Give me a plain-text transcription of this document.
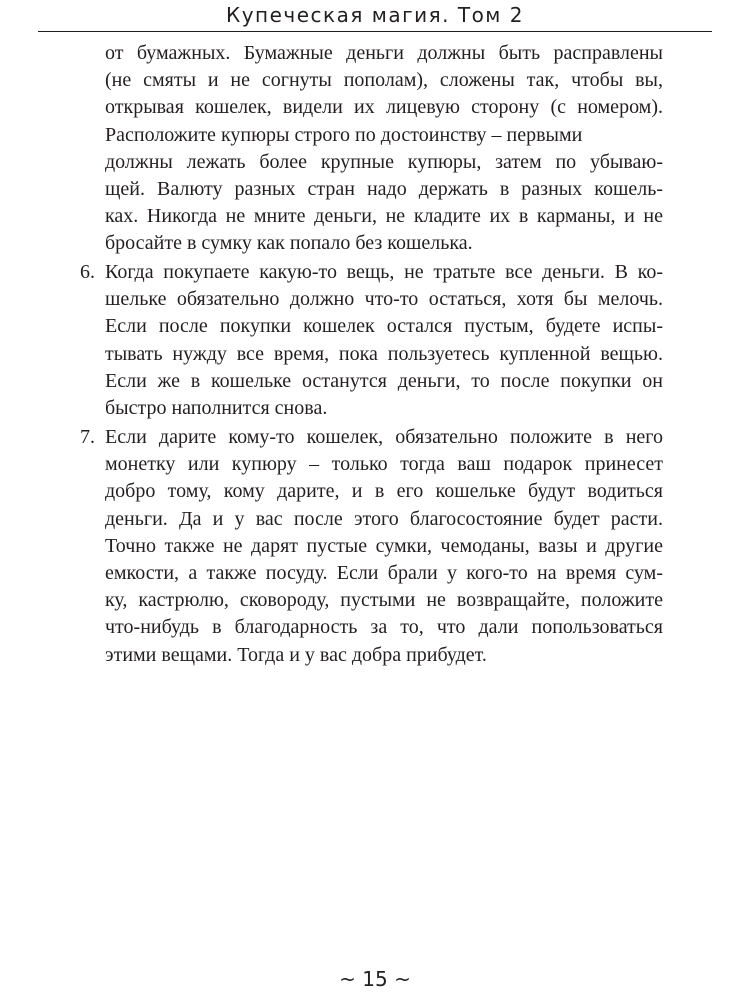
Купеческая магия. Том 2
от бумажных. Бумажные деньги должны быть расправлены
(не смяты и не согнуты пополам), сложены так, чтобы вы,
открывая кошелек, видели их лицевую сторону (с номером).
Расположите купюры строго по достоинству – первыми
должны лежать более крупные купюры, затем по убываю-
щей. Валюту разных стран надо держать в разных кошель-
ках. Никогда не мните деньги, не кладите их в карманы, и не
бросайте в сумку как попало без кошелька.
6. Когда покупаете какую-то вещь, не тратьте все деньги. В ко-
шельке обязательно должно что-то остаться, хотя бы мелочь.
Если после покупки кошелек остался пустым, будете испы-
тывать нужду все время, пока пользуетесь купленной вещью.
Если же в кошельке останутся деньги, то после покупки он
быстро наполнится снова.
7. Если дарите кому-то кошелек, обязательно положите в него
монетку или купюру – только тогда ваш подарок принесет
добро тому, кому дарите, и в его кошельке будут водиться
деньги. Да и у вас после этого благосостояние будет расти.
Точно также не дарят пустые сумки, чемоданы, вазы и другие
емкости, а также посуду. Если брали у кого-то на время сум-
ку, кастрюлю, сковороду, пустыми не возвращайте, положите
что-нибудь в благодарность за то, что дали попользоваться
этими вещами. Тогда и у вас добра прибудет.
~ 15 ~
